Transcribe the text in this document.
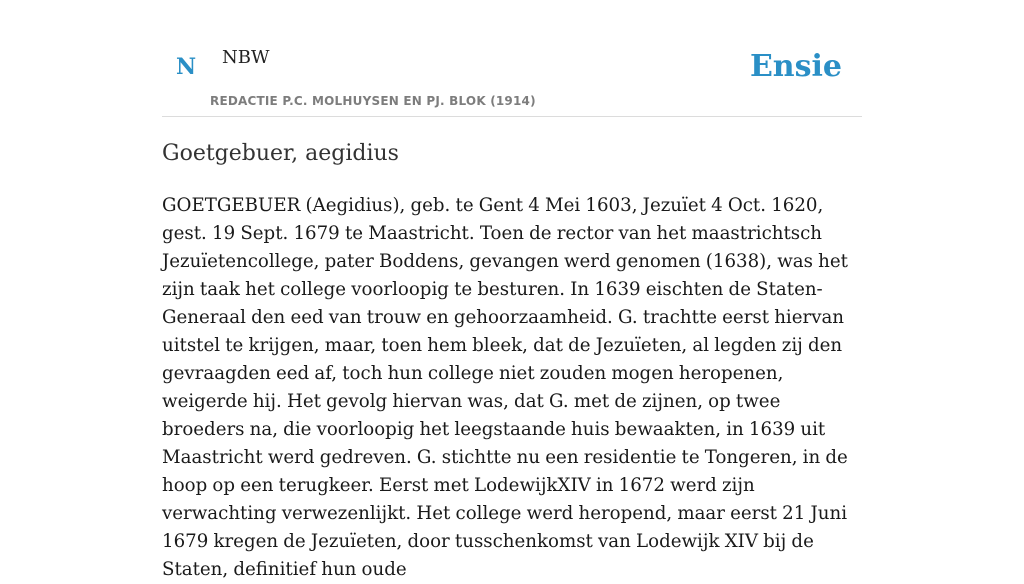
N NBW
REDACTIE P.C. MOLHUYSEN EN PJ. BLOK (1914)
Ensie
Goetgebuer, aegidius

GOETGEBUER (Aegidius), geb. te Gent 4 Mei 1603, Jezuïet 4 Oct. 1620, gest. 19 Sept. 1679 te Maastricht. Toen de rector van het maastrichtsch Jezuïetencollege, pater Boddens, gevangen werd genomen (1638), was het zijn taak het college voorloopig te besturen. In 1639 eischten de Staten-Generaal den eed van trouw en gehoorzaamheid. G. trachtte eerst hiervan uitstel te krijgen, maar, toen hem bleek, dat de Jezuïeten, al legden zij den gevraagden eed af, toch hun college niet zouden mogen heropenen, weigerde hij. Het gevolg hiervan was, dat G. met de zijnen, op twee broeders na, die voorloopig het leegstaande huis bewaakten, in 1639 uit Maastricht werd gedreven. G. stichtte nu een residentie te Tongeren, in de hoop op een terugkeer. Eerst met LodewijkXIV in 1672 werd zijn verwachting verwezenlijkt. Het college werd heropend, maar eerst 21 Juni 1679 kregen de Jezuïeten, door tusschenkomst van Lodewijk XIV bij de Staten, definitief hun oude
